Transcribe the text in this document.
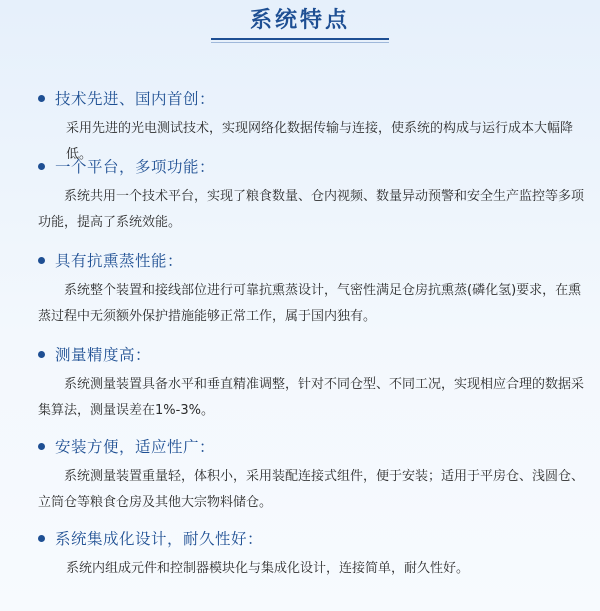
系统特点
技术先进、国内首创：

采用先进的光电测试技术，实现网络化数据传输与连接，使系统的构成与运行成本大幅降低。

一个平台，多项功能：

系统共用一个技术平台，实现了粮食数量、仓内视频、数量异动预警和安全生产监控等多项功能，提高了系统效能。

具有抗熏蒸性能：

系统整个装置和接线部位进行可靠抗熏蒸设计，气密性满足仓房抗熏蒸(磷化氢)要求，在熏蒸过程中无须额外保护措施能够正常工作，属于国内独有。

测量精度高：

系统测量装置具备水平和垂直精准调整，针对不同仓型、不同工况，实现相应合理的数据采集算法，测量误差在1%-3%。

安装方便，适应性广：

系统测量装置重量轻，体积小，采用装配连接式组件，便于安装；适用于平房仓、浅圆仓、立筒仓等粮食仓房及其他大宗物料储仓。

系统集成化设计，耐久性好：

系统内组成元件和控制器模块化与集成化设计，连接简单，耐久性好。
